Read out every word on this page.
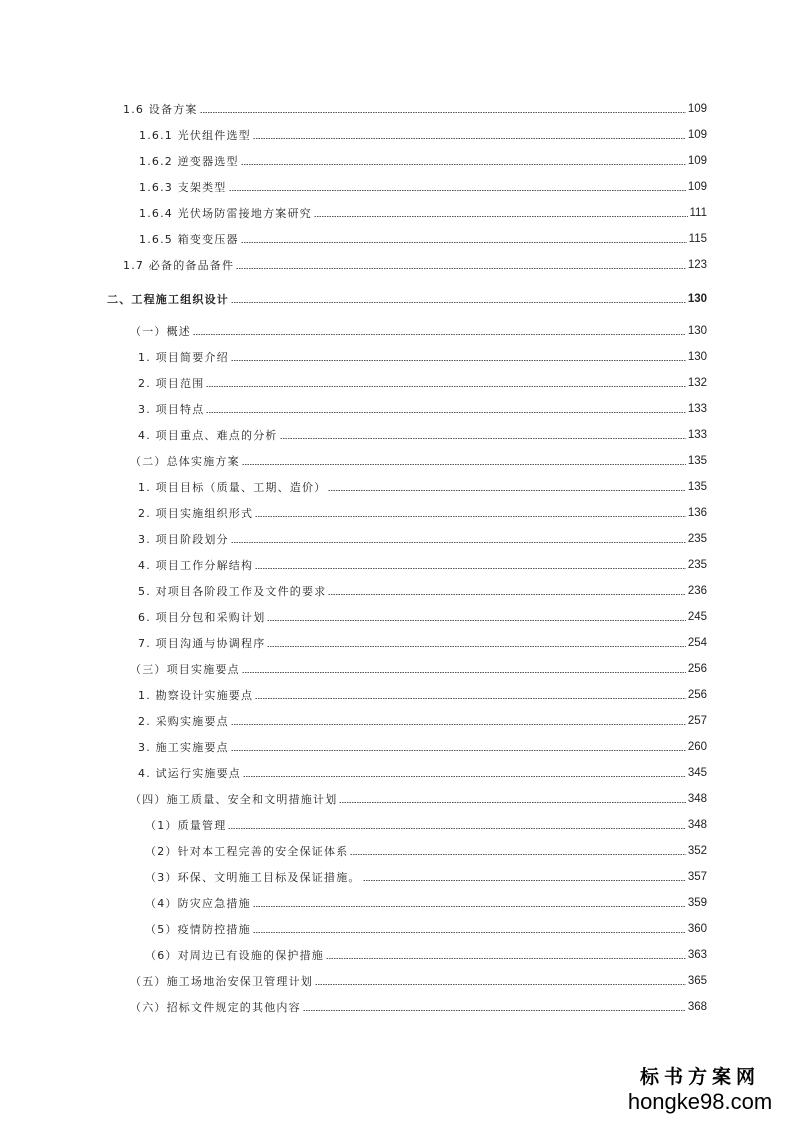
1.6 设备方案	109
1.6.1 光伏组件选型	109
1.6.2 逆变器选型	109
1.6.3 支架类型	109
1.6.4 光伏场防雷接地方案研究	111
1.6.5 箱变变压器	115
1.7 必备的备品备件	123
二、工程施工组织设计	130
（一）概述	130
1. 项目简要介绍	130
2. 项目范围	132
3. 项目特点	133
4. 项目重点、难点的分析	133
（二）总体实施方案	135
1. 项目目标（质量、工期、造价）	135
2. 项目实施组织形式	136
3. 项目阶段划分	235
4. 项目工作分解结构	235
5. 对项目各阶段工作及文件的要求	236
6. 项目分包和采购计划	245
7. 项目沟通与协调程序	254
（三）项目实施要点	256
1. 勘察设计实施要点	256
2. 采购实施要点	257
3. 施工实施要点	260
4. 试运行实施要点	345
（四）施工质量、安全和文明措施计划	348
（1）质量管理	348
（2）针对本工程完善的安全保证体系	352
（3）环保、文明施工目标及保证措施。	357
（4）防灾应急措施	359
（5）疫情防控措施	360
（6）对周边已有设施的保护措施	363
（五）施工场地治安保卫管理计划	365
（六）招标文件规定的其他内容	368
标书方案网
hongke98.com
